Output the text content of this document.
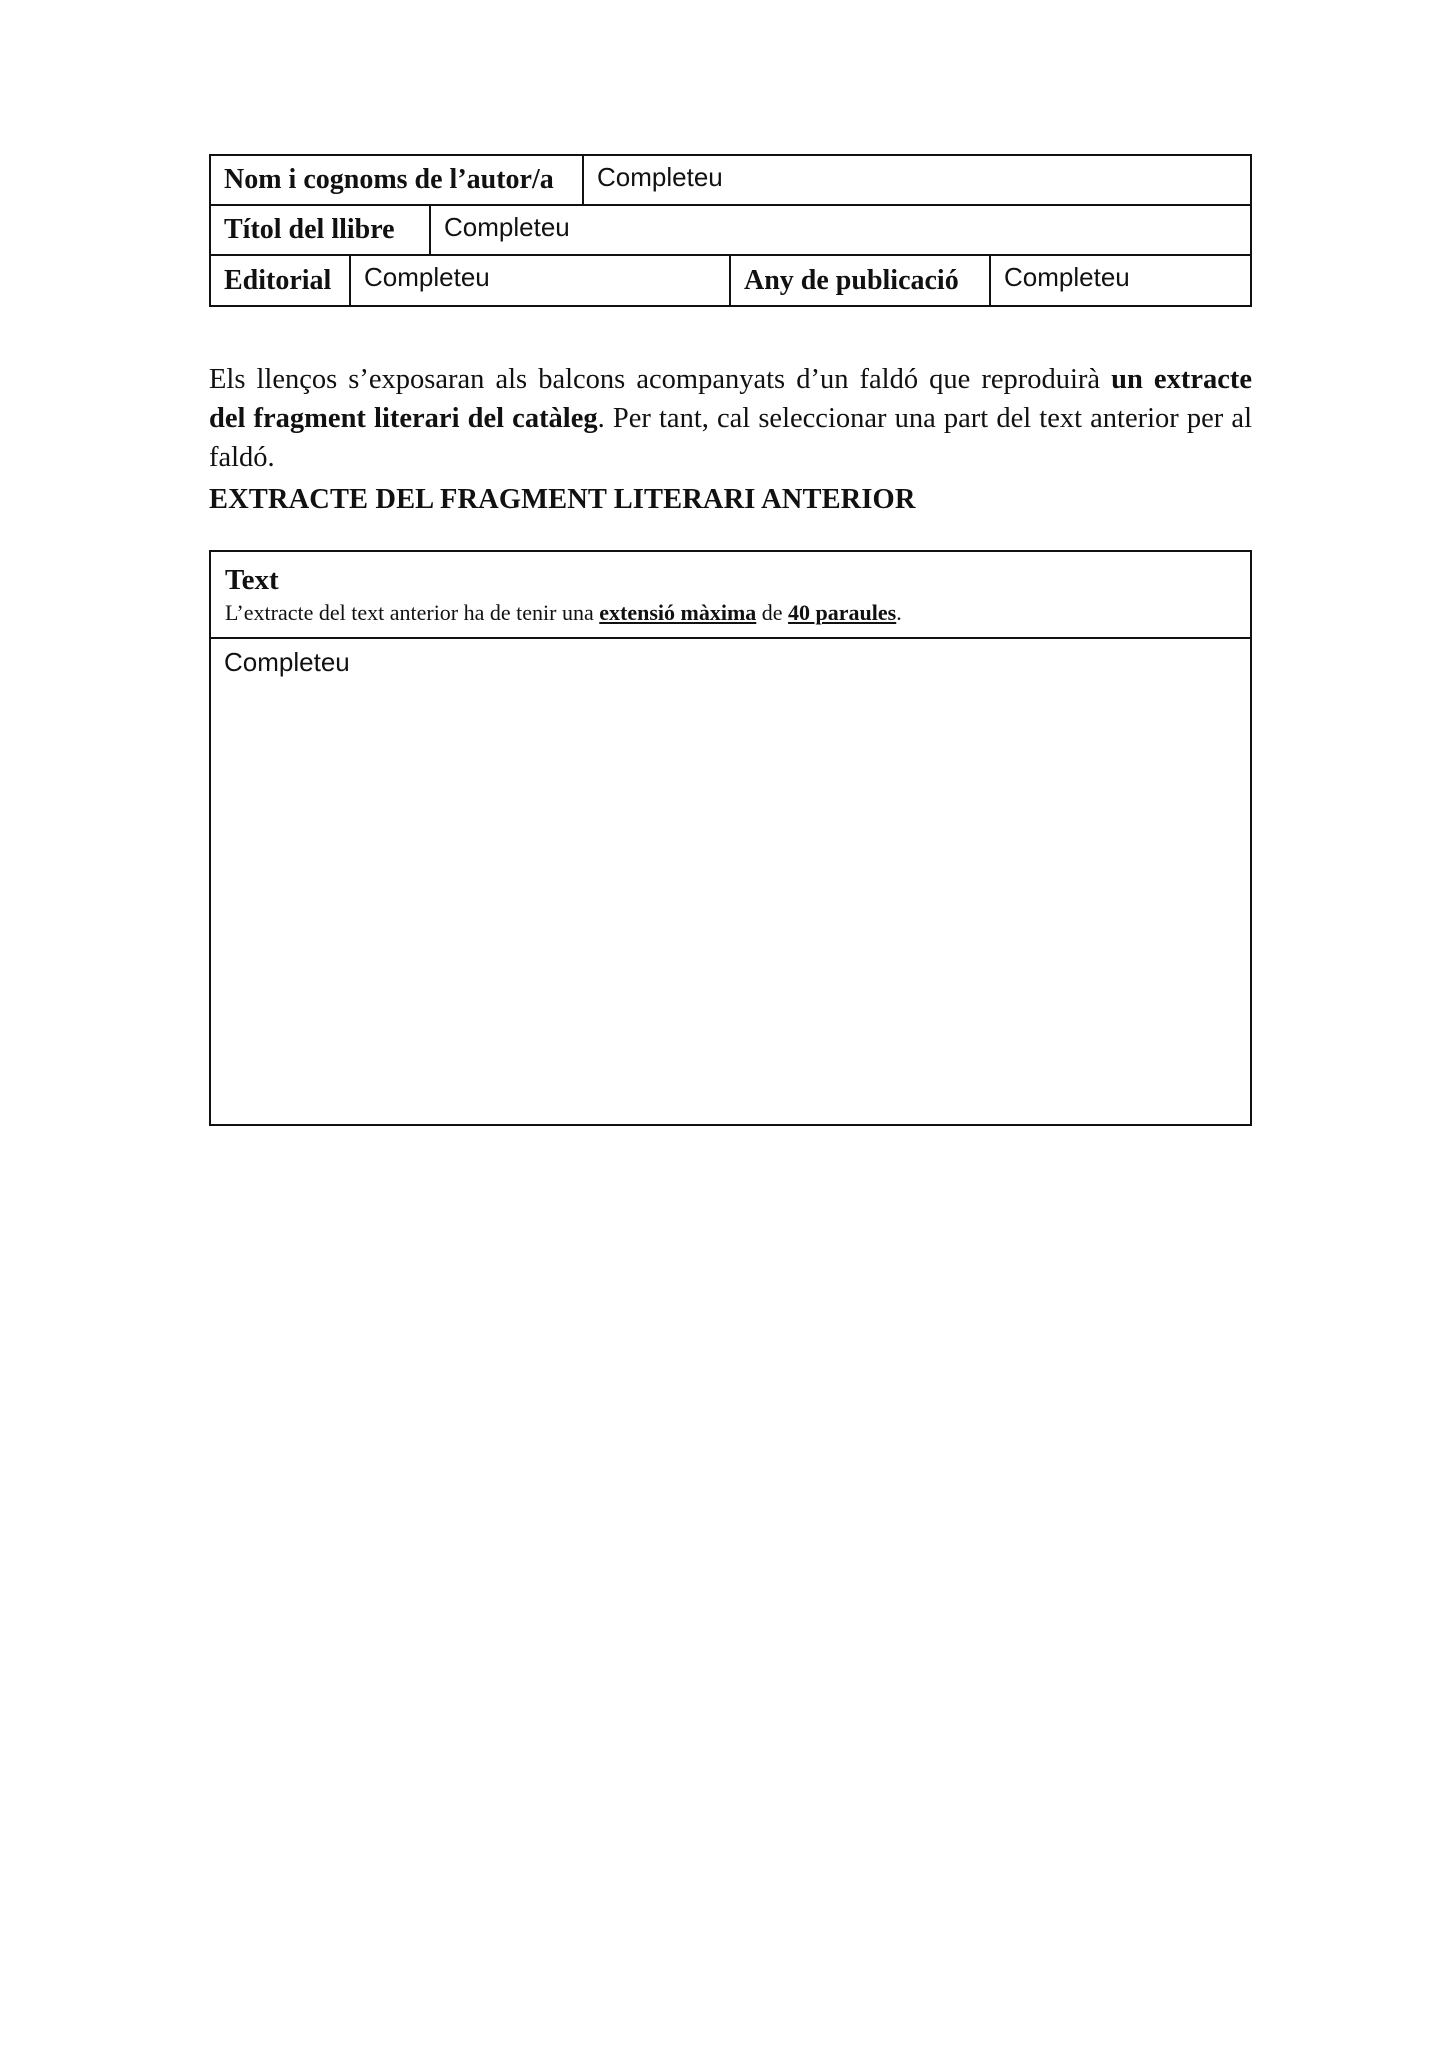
Nom i cognoms de l’autor/a	Completeu
Títol del llibre	Completeu
Editorial	Completeu	Any de publicació	Completeu

Els llenços s’exposaran als balcons acompanyats d’un faldó que reproduirà un extracte del fragment literari del catàleg. Per tant, cal seleccionar una part del text anterior per al faldó.

EXTRACTE DEL FRAGMENT LITERARI ANTERIOR
Text
L’extracte del text anterior ha de tenir una extensió màxima de 40 paraules.
Completeu
